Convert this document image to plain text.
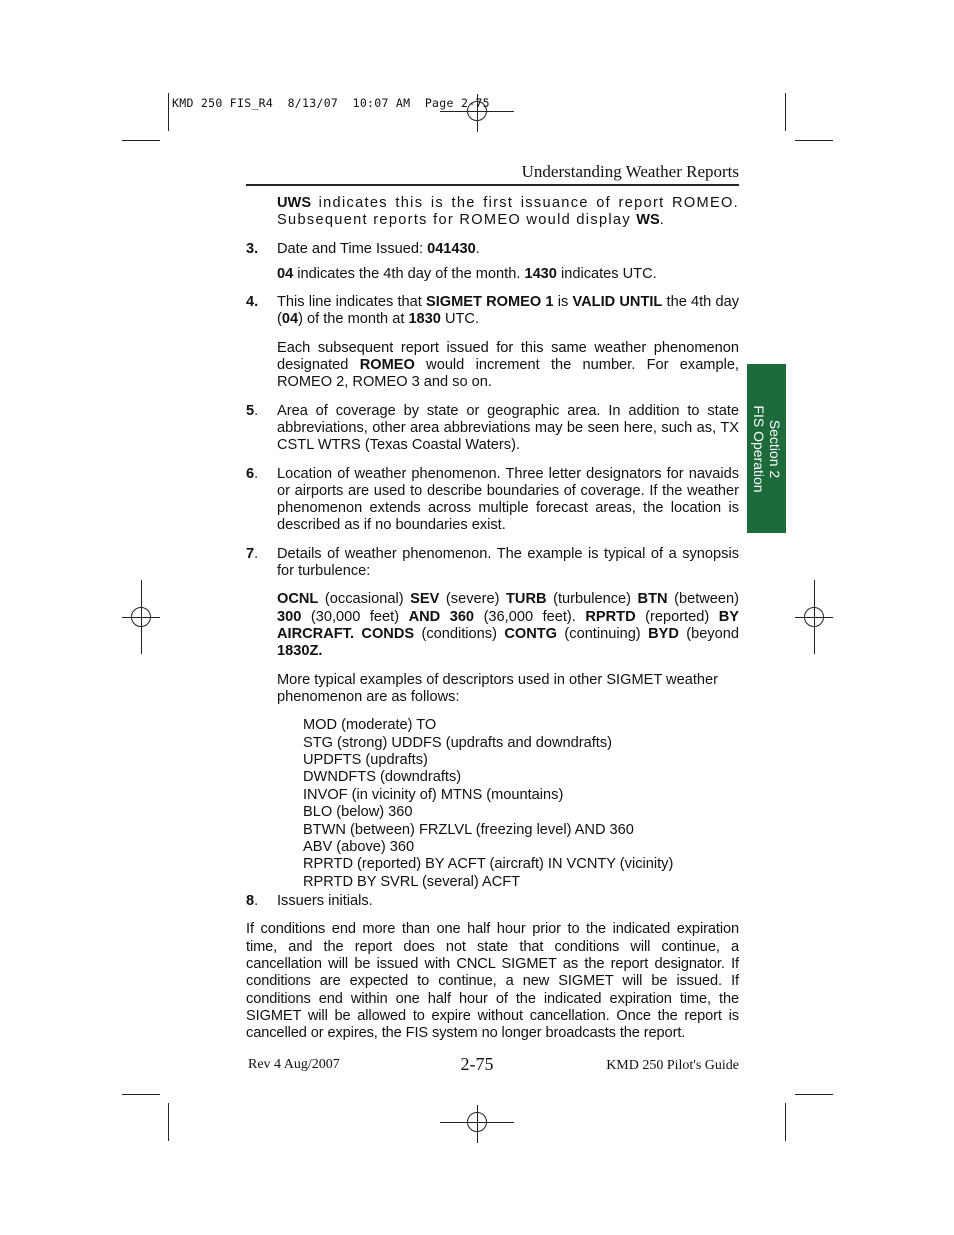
KMD 250 FIS_R4  8/13/07  10:07 AM  Page 2-75
Understanding Weather Reports
Section 2
FIS Operation

UWS indicates this is the first issuance of report ROMEO. Subsequent reports for ROMEO would display WS.

3. Date and Time Issued: 041430.

04 indicates the 4th day of the month. 1430 indicates UTC.

4. This line indicates that SIGMET ROMEO 1 is VALID UNTIL the 4th day (04) of the month at 1830 UTC.

Each subsequent report issued for this same weather phenomenon designated ROMEO would increment the number. For example, ROMEO 2, ROMEO 3 and so on.

5. Area of coverage by state or geographic area. In addition to state abbreviations, other area abbreviations may be seen here, such as, TX CSTL WTRS (Texas Coastal Waters).

6. Location of weather phenomenon. Three letter designators for navaids or airports are used to describe boundaries of coverage. If the weather phenomenon extends across multiple forecast areas, the location is described as if no boundaries exist.

7. Details of weather phenomenon. The example is typical of a synopsis for turbulence:

OCNL (occasional) SEV (severe) TURB (turbulence) BTN (between) 300 (30,000 feet) AND 360 (36,000 feet). RPRTD (reported) BY AIRCRAFT. CONDS (conditions) CONTG (continuing) BYD (beyond 1830Z.

More typical examples of descriptors used in other SIGMET weather phenomenon are as follows:

MOD (moderate) TO
STG (strong) UDDFS (updrafts and downdrafts)
UPDFTS (updrafts)
DWNDFTS (downdrafts)
INVOF (in vicinity of) MTNS (mountains)
BLO (below) 360
BTWN (between) FRZLVL (freezing level) AND 360
ABV (above) 360
RPRTD (reported) BY ACFT (aircraft) IN VCNTY (vicinity)
RPRTD BY SVRL (several) ACFT

8. Issuers initials.

If conditions end more than one half hour prior to the indicated expiration time, and the report does not state that conditions will continue, a cancellation will be issued with CNCL SIGMET as the report designator. If conditions are expected to continue, a new SIGMET will be issued. If conditions end within one half hour of the indicated expiration time, the SIGMET will be allowed to expire without cancellation. Once the report is cancelled or expires, the FIS system no longer broadcasts the report.

Rev 4 Aug/2007	2-75	KMD 250 Pilot's Guide
